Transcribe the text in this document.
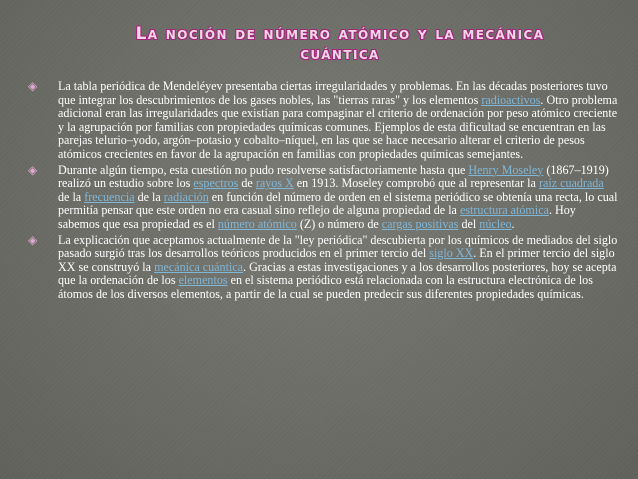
La noción de número atómico y la mecánica
cuántica
◈ La tabla periódica de Mendeléyev presentaba ciertas irregularidades y problemas. En las décadas posteriores tuvo que integrar los descubrimientos de los gases nobles, las "tierras raras" y los elementos radioactivos. Otro problema adicional eran las irregularidades que existían para compaginar el criterio de ordenación por peso atómico creciente y la agrupación por familias con propiedades químicas comunes. Ejemplos de esta dificultad se encuentran en las parejas telurio–yodo, argón–potasio y cobalto–níquel, en las que se hace necesario alterar el criterio de pesos atómicos crecientes en favor de la agrupación en familias con propiedades químicas semejantes.
◈ Durante algún tiempo, esta cuestión no pudo resolverse satisfactoriamente hasta que Henry Moseley (1867–1919) realizó un estudio sobre los espectros de rayos X en 1913. Moseley comprobó que al representar la raíz cuadrada de la frecuencia de la radiación en función del número de orden en el sistema periódico se obtenía una recta, lo cual permitía pensar que este orden no era casual sino reflejo de alguna propiedad de la estructura atómica. Hoy sabemos que esa propiedad es el número atómico (Z) o número de cargas positivas del núcleo.
◈ La explicación que aceptamos actualmente de la "ley periódica" descubierta por los químicos de mediados del siglo pasado surgió tras los desarrollos teóricos producidos en el primer tercio del siglo XX. En el primer tercio del siglo XX se construyó la mecánica cuántica. Gracias a estas investigaciones y a los desarrollos posteriores, hoy se acepta que la ordenación de los elementos en el sistema periódico está relacionada con la estructura electrónica de los átomos de los diversos elementos, a partir de la cual se pueden predecir sus diferentes propiedades químicas.
